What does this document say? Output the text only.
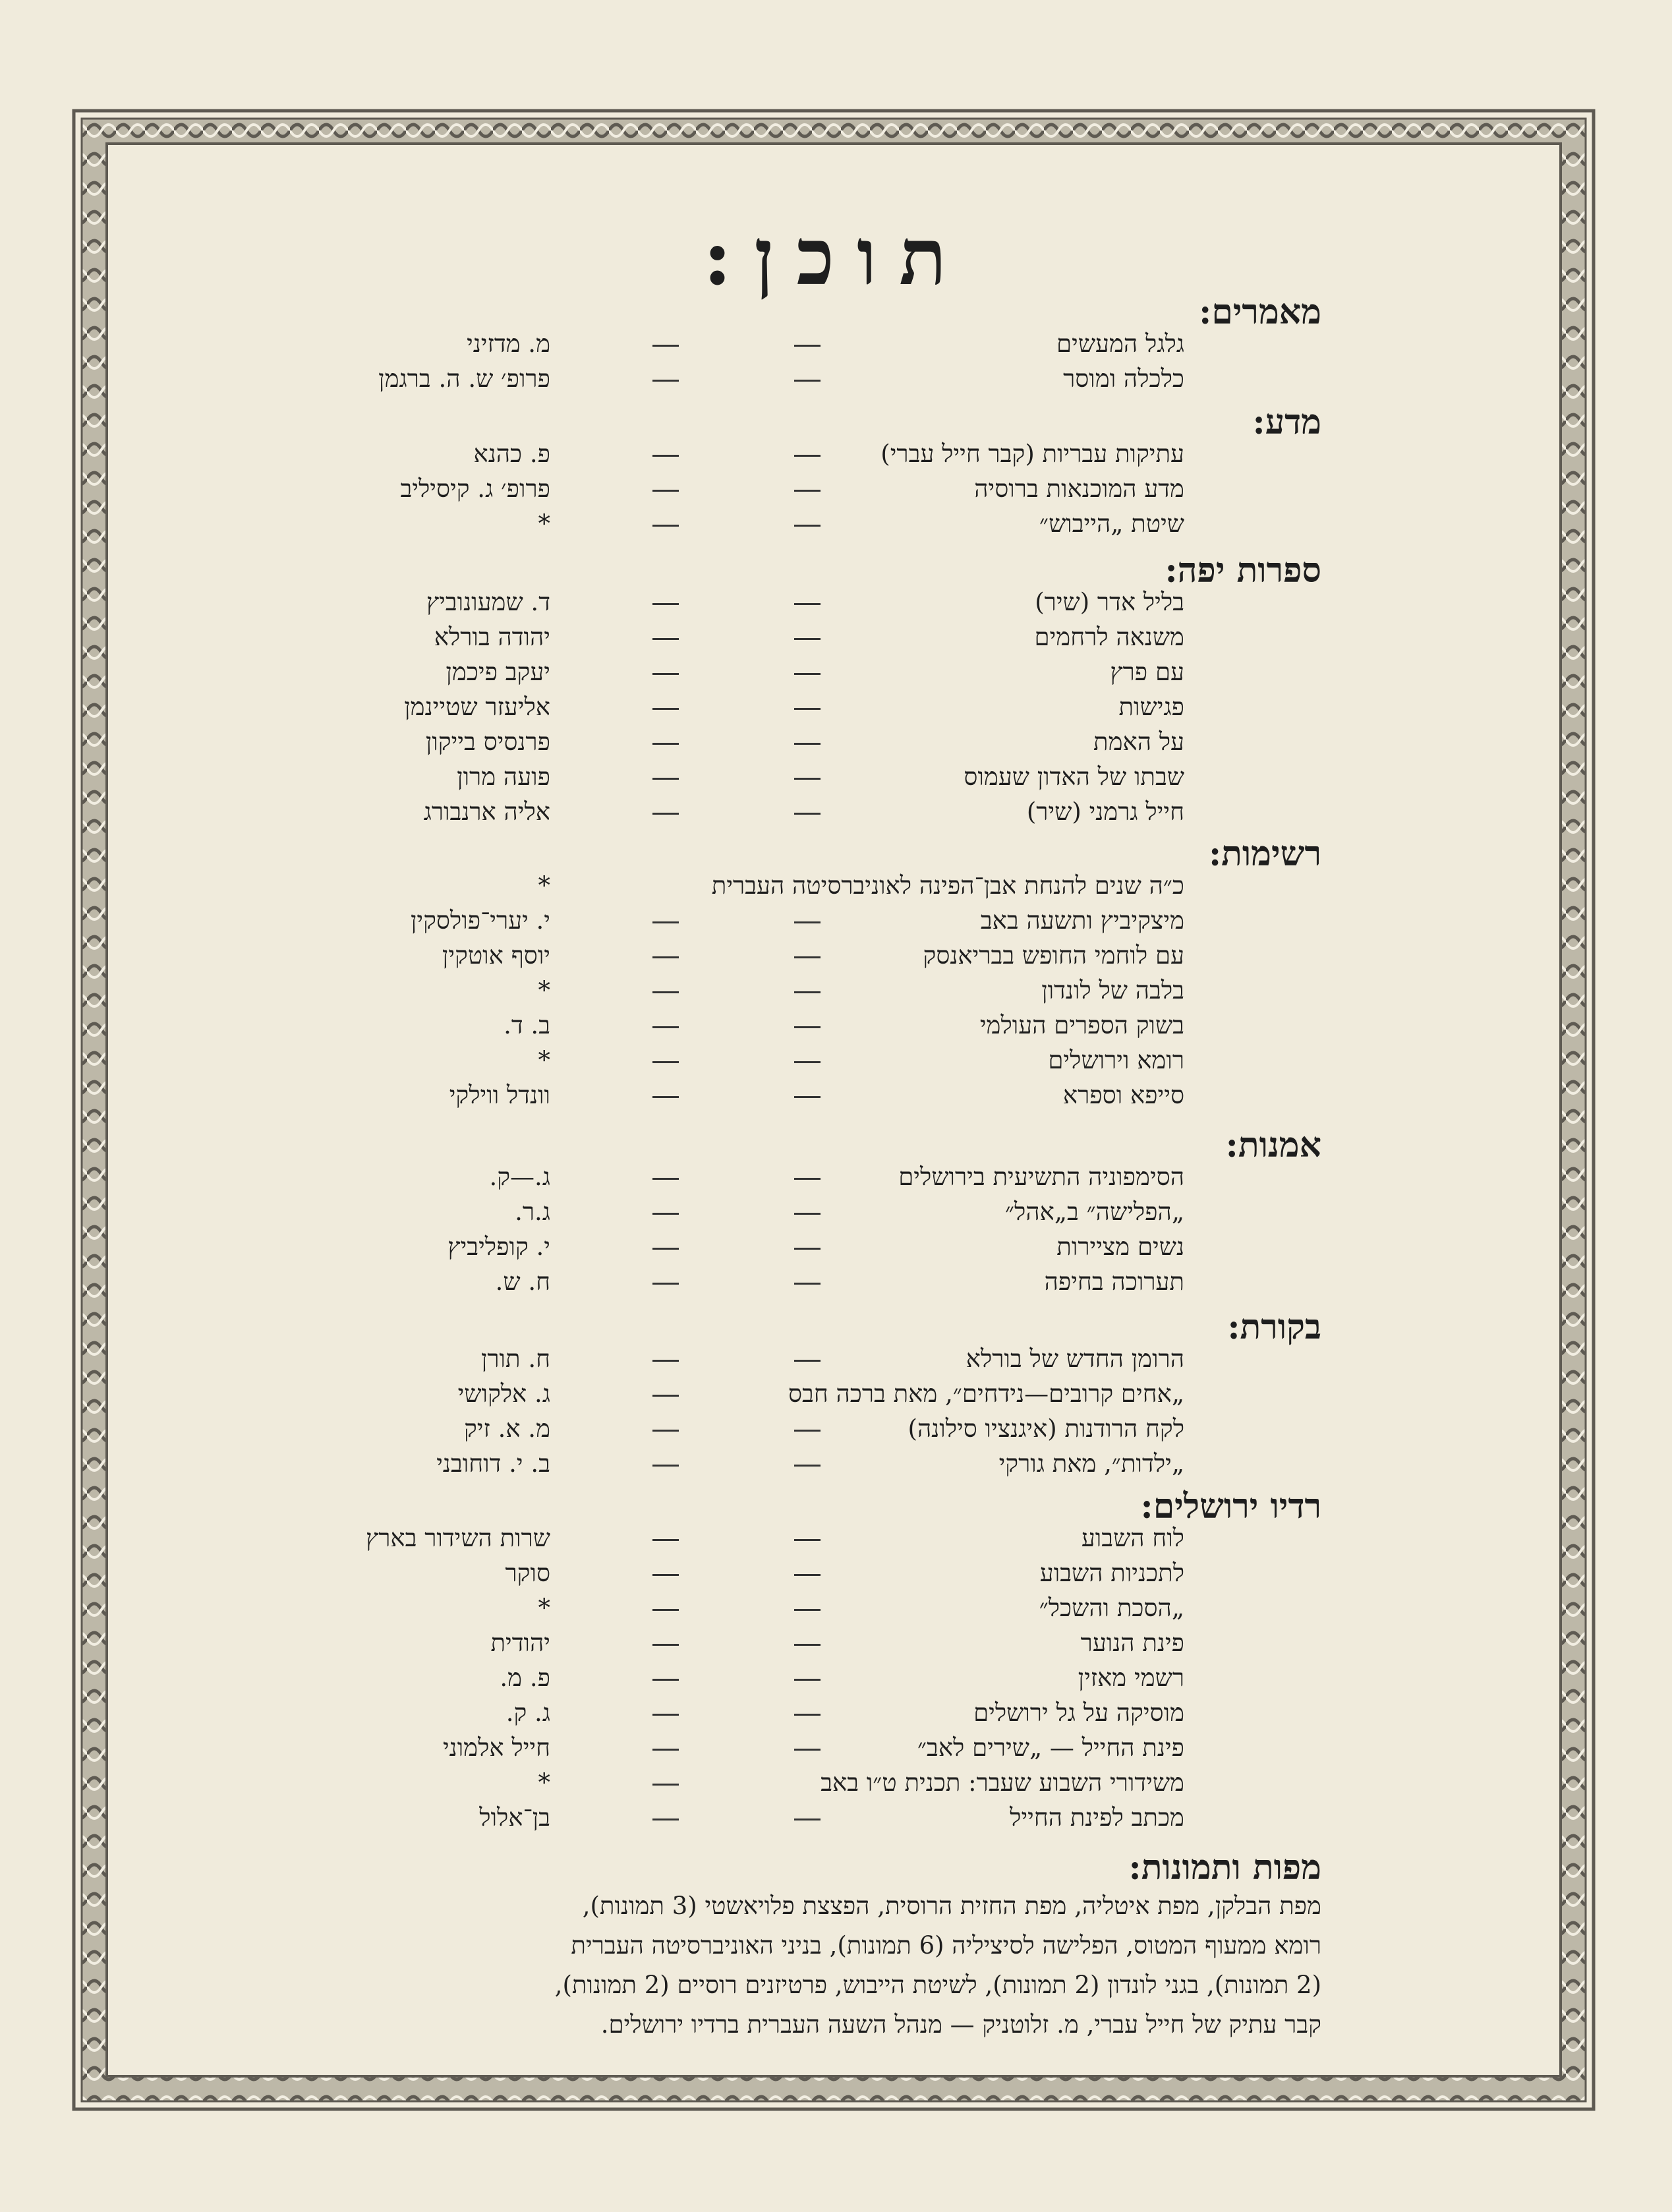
תוכן:
מאמרים:
גלגל המעשים
מ. מדזיני
כלכלה ומוסר
פרופ׳ ש. ה. ברגמן
מדע:
עתיקות עבריות (קבר חייל עברי)
פ. כהנא
מדע המוכנאות ברוסיה
פרופ׳ ג. קיסיליב
שיטת „הייבוש״
*
ספרות יפה:
בליל אדר (שיר)
ד. שמעונוביץ
משנאה לרחמים
יהודה בורלא
עם פרץ
יעקב פיכמן
פגישות
אליעזר שטיינמן
על האמת
פרנסיס בייקון
שבתו של האדון שעמוס
פועה מרון
חייל גרמני (שיר)
אליה ארנבורג
רשימות:
כ״ה שנים להנחת אבן־הפינה לאוניברסיטה העברית
*
מיצקיביץ ותשעה באב
י. יערי־פולסקין
עם לוחמי החופש בבריאנסק
יוסף אוטקין
בלבה של לונדון
*
בשוק הספרים העולמי
ב. ד.
רומא וירושלים
*
סייפא וספרא
וונדל ווילקי
אמנות:
הסימפוניה התשיעית בירושלים
ג.—ק.
„הפלישה״ ב„אהל״
ג.ר.
נשים מציירות
י. קופליביץ
תערוכה בחיפה
ח. ש.
בקורת:
הרומן החדש של בורלא
ח. תורן
„אחים קרובים—נידחים״, מאת ברכה חבס
ג. אלקושי
לקח הרודנות (איגנציו סילונה)
מ. א. זיק
„ילדות״, מאת גורקי
ב. י. דוחובני
רדיו ירושלים:
לוח השבוע
שרות השידור בארץ
לתכניות השבוע
סוקר
„הסכת והשכל״
*
פינת הנוער
יהודית
רשמי מאזין
פ. מ.
מוסיקה על גל ירושלים
ג. ק.
פינת החייל — „שירים לאב״
חייל אלמוני
משידורי השבוע שעבר: תכנית ט״ו באב
*
מכתב לפינת החייל
בן־אלול
מפות ותמונות:
מפת הבלקן, מפת איטליה, מפת החזית הרוסית, הפצצת פלויאשטי (3 תמונות),
רומא ממעוף המטוס, הפלישה לסיציליה (6 תמונות), בניני האוניברסיטה העברית
(2 תמונות), בגני לונדון (2 תמונות), לשיטת הייבוש, פרטיזנים רוסיים (2 תמונות),
קבר עתיק של חייל עברי, מ. זלוטניק — מנהל השעה העברית ברדיו ירושלים.
